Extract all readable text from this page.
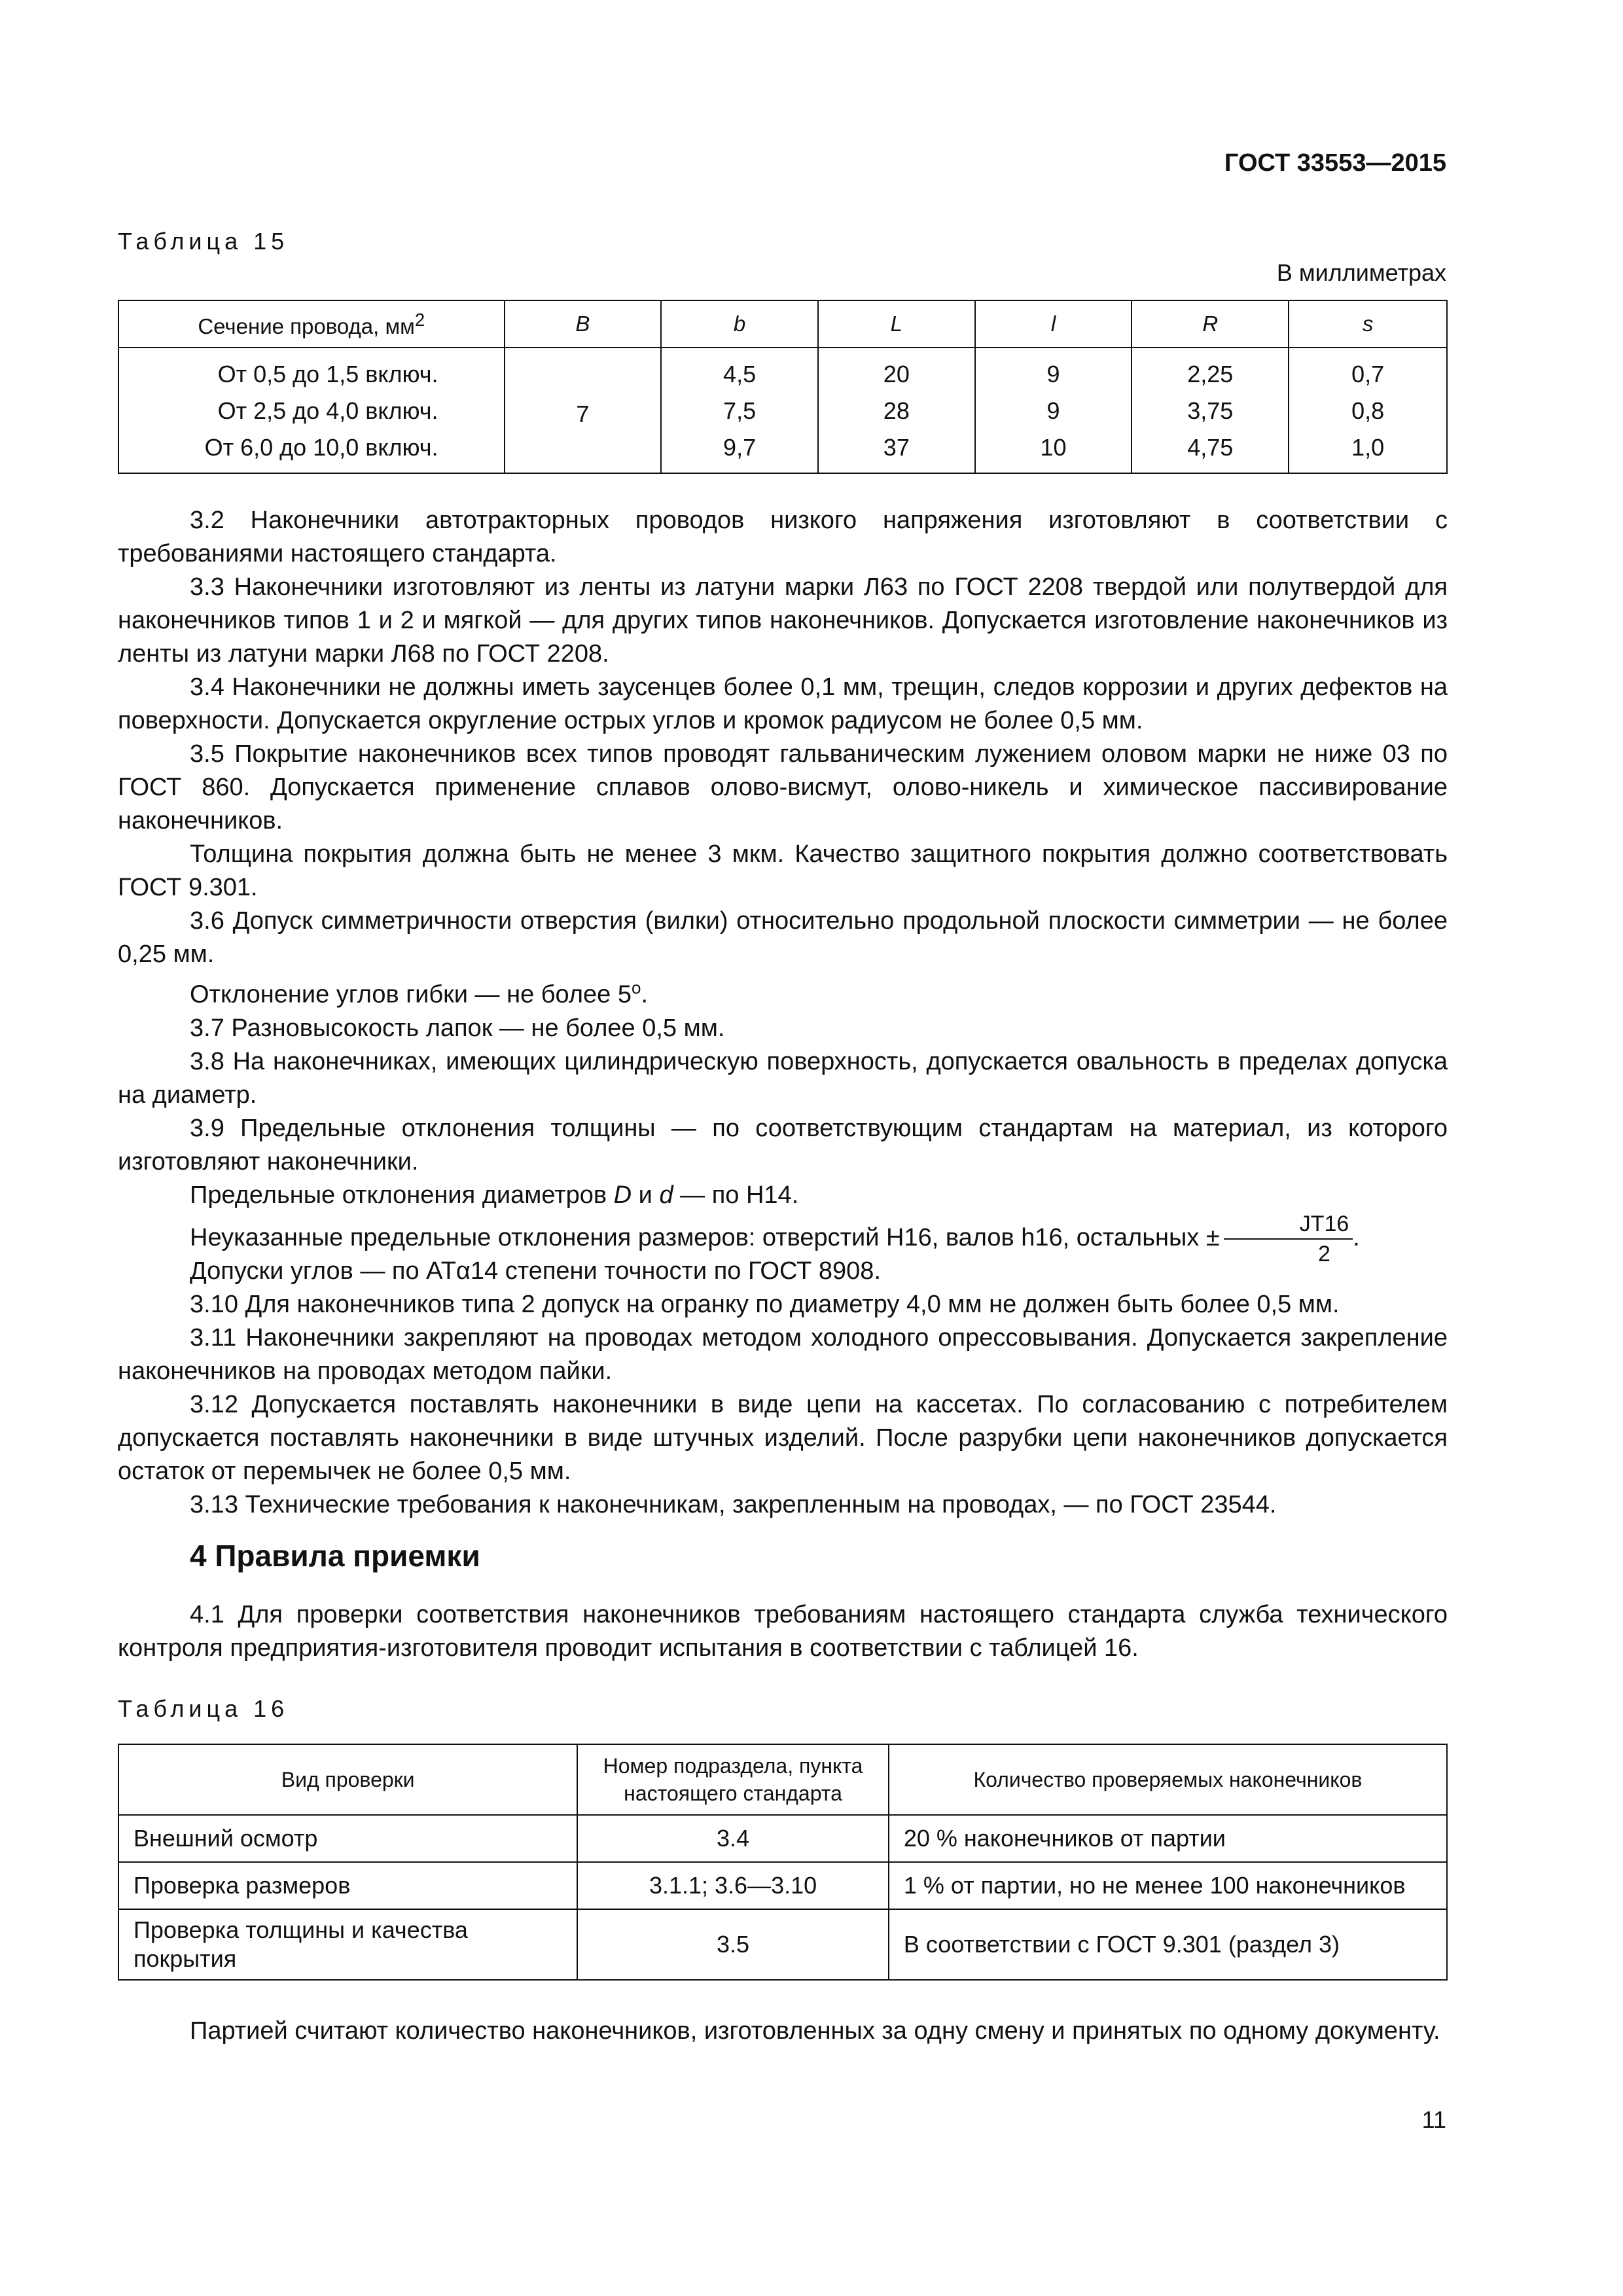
ГОСТ 33553—2015
Таблица 15
В миллиметрах
Сечение провода, $мм^2$	B	b	L	l	R	s
От 0,5 до 1,5 включ.	7	4,5	20	9	2,25	0,7
От 2,5 до 4,0 включ.		7,5	28	9	3,75	0,8
От 6,0 до 10,0 включ.		9,7	37	10	4,75	1,0

3.2 Наконечники автотракторных проводов низкого напряжения изготовляют в соответствии с требованиями настоящего стандарта.

3.3 Наконечники изготовляют из ленты из латуни марки Л63 по ГОСТ 2208 твердой или полутвердой для наконечников типов 1 и 2 и мягкой — для других типов наконечников. Допускается изготовление наконечников из ленты из латуни марки Л68 по ГОСТ 2208.

3.4 Наконечники не должны иметь заусенцев более 0,1 мм, трещин, следов коррозии и других дефектов на поверхности. Допускается округление острых углов и кромок радиусом не более 0,5 мм.

3.5 Покрытие наконечников всех типов проводят гальваническим лужением оловом марки не ниже 03 по ГОСТ 860. Допускается применение сплавов олово-висмут, олово-никель и химическое пассивирование наконечников.

Толщина покрытия должна быть не менее 3 мкм. Качество защитного покрытия должно соответствовать ГОСТ 9.301.

3.6 Допуск симметричности отверстия (вилки) относительно продольной плоскости симметрии — не более 0,25 мм.

Отклонение углов гибки — не более $5^о$.

3.7 Разновысокость лапок — не более 0,5 мм.

3.8 На наконечниках, имеющих цилиндрическую поверхность, допускается овальность в пределах допуска на диаметр.

3.9 Предельные отклонения толщины — по соответствующим стандартам на материал, из которого изготовляют наконечники.

Предельные отклонения диаметров D и d — по Н14.

Неуказанные предельные отклонения размеров: отверстий Н16, валов h16, остальных ± $\frac{JT16}{2}$ .

Допуски углов — по ATα14 степени точности по ГОСТ 8908.

3.10 Для наконечников типа 2 допуск на огранку по диаметру 4,0 мм не должен быть более 0,5 мм.

3.11 Наконечники закрепляют на проводах методом холодного опрессовывания. Допускается закрепление наконечников на проводах методом пайки.

3.12 Допускается поставлять наконечники в виде цепи на кассетах. По согласованию с потребителем допускается поставлять наконечники в виде штучных изделий. После разрубки цепи наконечников допускается остаток от перемычек не более 0,5 мм.

3.13 Технические требования к наконечникам, закрепленным на проводах, — по ГОСТ 23544.

4 Правила приемки

4.1 Для проверки соответствия наконечников требованиям настоящего стандарта служба технического контроля предприятия-изготовителя проводит испытания в соответствии с таблицей 16.

Таблица 16
Вид проверки	Номер подраздела, пункта настоящего стандарта	Количество проверяемых наконечников
Внешний осмотр	3.4	20 % наконечников от партии
Проверка размеров	3.1.1; 3.6—3.10	1 % от партии, но не менее 100 наконечников
Проверка толщины и качества покрытия	3.5	В соответствии с ГОСТ 9.301 (раздел 3)

Партией считают количество наконечников, изготовленных за одну смену и принятых по одному документу.

11
